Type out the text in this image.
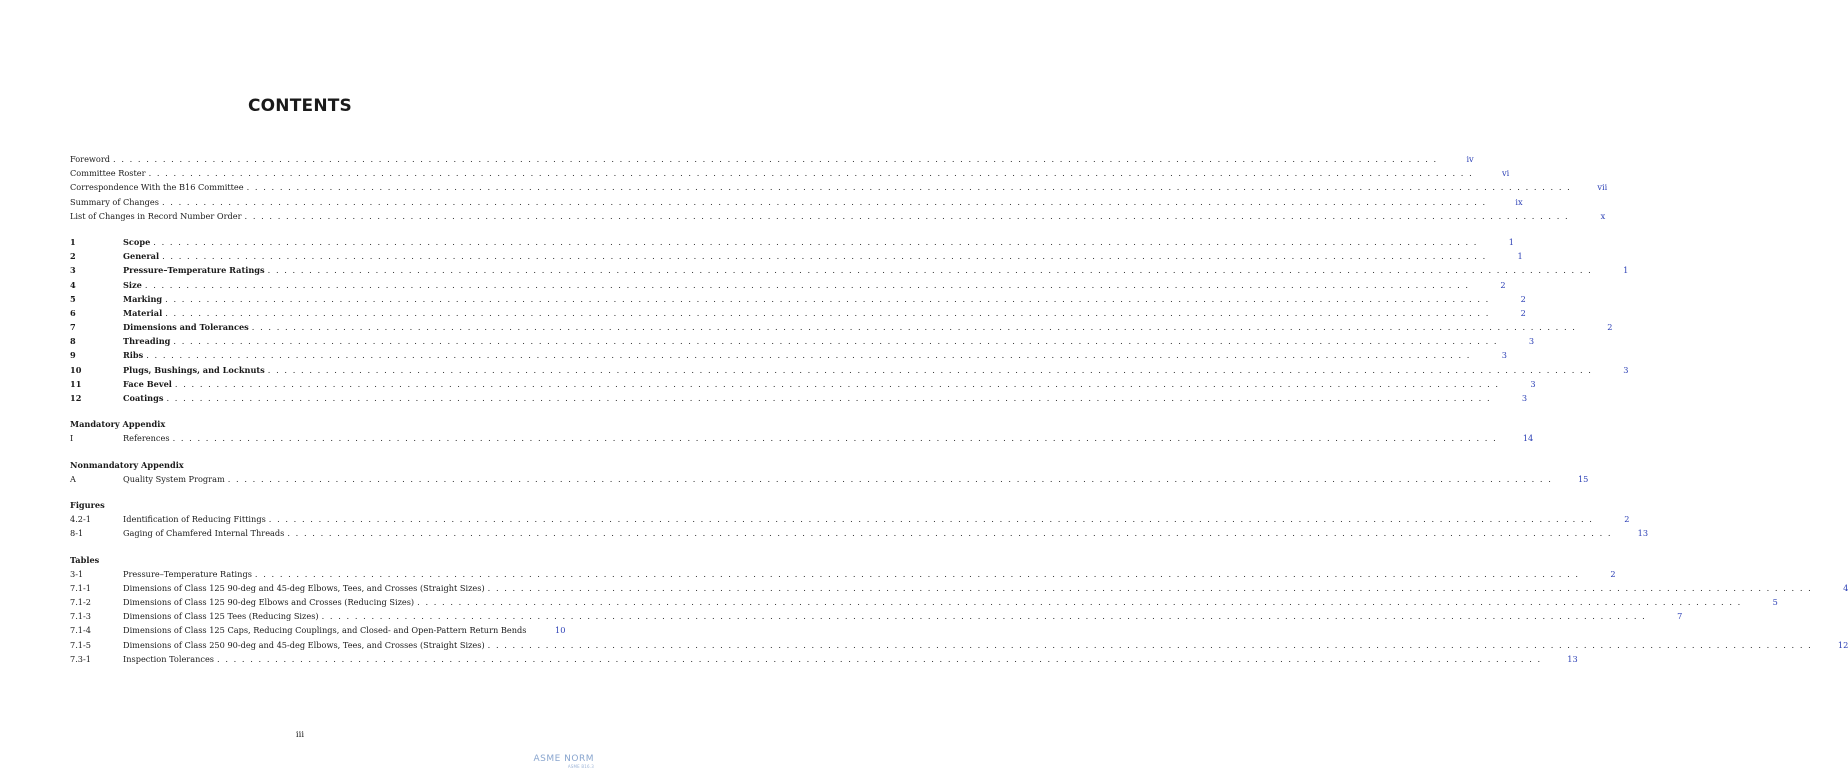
CONTENTS
Foreword . . . . . . . . . . . . . . . . . . . . . . . . . . . . . . . . . . . . . . . . . . . . . . . . . . . . . . . . . . . . . . . . . . . . . . . . . . . . . . . . . . . . . . . . . . . . . . . . . . . . . . . . . . . . . . . . . . . . . . . . . . . . . . . . . . . . . . . . . . . . . . . . . . . . . . . . . . . . . . . .	iv
Committee Roster . . . . . . . . . . . . . . . . . . . . . . . . . . . . . . . . . . . . . . . . . . . . . . . . . . . . . . . . . . . . . . . . . . . . . . . . . . . . . . . . . . . . . . . . . . . . . . . . . . . . . . . . . . . . . . . . . . . . . . . . . . . . . . . . . . . . . . . . . . . . . . . . . . . . . . . . . . . . . . . .	vi
Correspondence With the B16 Committee . . . . . . . . . . . . . . . . . . . . . . . . . . . . . . . . . . . . . . . . . . . . . . . . . . . . . . . . . . . . . . . . . . . . . . . . . . . . . . . . . . . . . . . . . . . . . . . . . . . . . . . . . . . . . . . . . . . . . . . . . . . . . . . . . . . . . . . . . . . . . . . . . . . . . . . . . . . . . . . .	vii
Summary of Changes . . . . . . . . . . . . . . . . . . . . . . . . . . . . . . . . . . . . . . . . . . . . . . . . . . . . . . . . . . . . . . . . . . . . . . . . . . . . . . . . . . . . . . . . . . . . . . . . . . . . . . . . . . . . . . . . . . . . . . . . . . . . . . . . . . . . . . . . . . . . . . . . . . . . . . . . . . . . . . . .	ix
List of Changes in Record Number Order . . . . . . . . . . . . . . . . . . . . . . . . . . . . . . . . . . . . . . . . . . . . . . . . . . . . . . . . . . . . . . . . . . . . . . . . . . . . . . . . . . . . . . . . . . . . . . . . . . . . . . . . . . . . . . . . . . . . . . . . . . . . . . . . . . . . . . . . . . . . . . . . . . . . . . . . . . . . . . . .	x
1	Scope . . . . . . . . . . . . . . . . . . . . . . . . . . . . . . . . . . . . . . . . . . . . . . . . . . . . . . . . . . . . . . . . . . . . . . . . . . . . . . . . . . . . . . . . . . . . . . . . . . . . . . . . . . . . . . . . . . . . . . . . . . . . . . . . . . . . . . . . . . . . . . . . . . . . . . . . . . . . . . . .	1
2	General . . . . . . . . . . . . . . . . . . . . . . . . . . . . . . . . . . . . . . . . . . . . . . . . . . . . . . . . . . . . . . . . . . . . . . . . . . . . . . . . . . . . . . . . . . . . . . . . . . . . . . . . . . . . . . . . . . . . . . . . . . . . . . . . . . . . . . . . . . . . . . . . . . . . . . . . . . . . . . . .	1
3	Pressure–Temperature Ratings . . . . . . . . . . . . . . . . . . . . . . . . . . . . . . . . . . . . . . . . . . . . . . . . . . . . . . . . . . . . . . . . . . . . . . . . . . . . . . . . . . . . . . . . . . . . . . . . . . . . . . . . . . . . . . . . . . . . . . . . . . . . . . . . . . . . . . . . . . . . . . . . . . . . . . . . . . . . . . . .	1
4	Size . . . . . . . . . . . . . . . . . . . . . . . . . . . . . . . . . . . . . . . . . . . . . . . . . . . . . . . . . . . . . . . . . . . . . . . . . . . . . . . . . . . . . . . . . . . . . . . . . . . . . . . . . . . . . . . . . . . . . . . . . . . . . . . . . . . . . . . . . . . . . . . . . . . . . . . . . . . . . . . .	2
5	Marking . . . . . . . . . . . . . . . . . . . . . . . . . . . . . . . . . . . . . . . . . . . . . . . . . . . . . . . . . . . . . . . . . . . . . . . . . . . . . . . . . . . . . . . . . . . . . . . . . . . . . . . . . . . . . . . . . . . . . . . . . . . . . . . . . . . . . . . . . . . . . . . . . . . . . . . . . . . . . . . .	2
6	Material . . . . . . . . . . . . . . . . . . . . . . . . . . . . . . . . . . . . . . . . . . . . . . . . . . . . . . . . . . . . . . . . . . . . . . . . . . . . . . . . . . . . . . . . . . . . . . . . . . . . . . . . . . . . . . . . . . . . . . . . . . . . . . . . . . . . . . . . . . . . . . . . . . . . . . . . . . . . . . . .	2
7	Dimensions and Tolerances . . . . . . . . . . . . . . . . . . . . . . . . . . . . . . . . . . . . . . . . . . . . . . . . . . . . . . . . . . . . . . . . . . . . . . . . . . . . . . . . . . . . . . . . . . . . . . . . . . . . . . . . . . . . . . . . . . . . . . . . . . . . . . . . . . . . . . . . . . . . . . . . . . . . . . . . . . . . . . . .	2
8	Threading . . . . . . . . . . . . . . . . . . . . . . . . . . . . . . . . . . . . . . . . . . . . . . . . . . . . . . . . . . . . . . . . . . . . . . . . . . . . . . . . . . . . . . . . . . . . . . . . . . . . . . . . . . . . . . . . . . . . . . . . . . . . . . . . . . . . . . . . . . . . . . . . . . . . . . . . . . . . . . . .	3
9	Ribs . . . . . . . . . . . . . . . . . . . . . . . . . . . . . . . . . . . . . . . . . . . . . . . . . . . . . . . . . . . . . . . . . . . . . . . . . . . . . . . . . . . . . . . . . . . . . . . . . . . . . . . . . . . . . . . . . . . . . . . . . . . . . . . . . . . . . . . . . . . . . . . . . . . . . . . . . . . . . . . .	3
10	Plugs, Bushings, and Locknuts . . . . . . . . . . . . . . . . . . . . . . . . . . . . . . . . . . . . . . . . . . . . . . . . . . . . . . . . . . . . . . . . . . . . . . . . . . . . . . . . . . . . . . . . . . . . . . . . . . . . . . . . . . . . . . . . . . . . . . . . . . . . . . . . . . . . . . . . . . . . . . . . . . . . . . . . . . . . . . . .	3
11	Face Bevel . . . . . . . . . . . . . . . . . . . . . . . . . . . . . . . . . . . . . . . . . . . . . . . . . . . . . . . . . . . . . . . . . . . . . . . . . . . . . . . . . . . . . . . . . . . . . . . . . . . . . . . . . . . . . . . . . . . . . . . . . . . . . . . . . . . . . . . . . . . . . . . . . . . . . . . . . . . . . . . .	3
12	Coatings . . . . . . . . . . . . . . . . . . . . . . . . . . . . . . . . . . . . . . . . . . . . . . . . . . . . . . . . . . . . . . . . . . . . . . . . . . . . . . . . . . . . . . . . . . . . . . . . . . . . . . . . . . . . . . . . . . . . . . . . . . . . . . . . . . . . . . . . . . . . . . . . . . . . . . . . . . . . . . . .	3
Mandatory Appendix
I	References . . . . . . . . . . . . . . . . . . . . . . . . . . . . . . . . . . . . . . . . . . . . . . . . . . . . . . . . . . . . . . . . . . . . . . . . . . . . . . . . . . . . . . . . . . . . . . . . . . . . . . . . . . . . . . . . . . . . . . . . . . . . . . . . . . . . . . . . . . . . . . . . . . . . . . . . . . . . . . . .	14
Nonmandatory Appendix
A	Quality System Program . . . . . . . . . . . . . . . . . . . . . . . . . . . . . . . . . . . . . . . . . . . . . . . . . . . . . . . . . . . . . . . . . . . . . . . . . . . . . . . . . . . . . . . . . . . . . . . . . . . . . . . . . . . . . . . . . . . . . . . . . . . . . . . . . . . . . . . . . . . . . . . . . . . . . . . . . . . . . . . .	15
Figures
4.2-1	Identification of Reducing Fittings . . . . . . . . . . . . . . . . . . . . . . . . . . . . . . . . . . . . . . . . . . . . . . . . . . . . . . . . . . . . . . . . . . . . . . . . . . . . . . . . . . . . . . . . . . . . . . . . . . . . . . . . . . . . . . . . . . . . . . . . . . . . . . . . . . . . . . . . . . . . . . . . . . . . . . . . . . . . . . . .	2
8-1	Gaging of Chamfered Internal Threads . . . . . . . . . . . . . . . . . . . . . . . . . . . . . . . . . . . . . . . . . . . . . . . . . . . . . . . . . . . . . . . . . . . . . . . . . . . . . . . . . . . . . . . . . . . . . . . . . . . . . . . . . . . . . . . . . . . . . . . . . . . . . . . . . . . . . . . . . . . . . . . . . . . . . . . . . . . . . . . .	13
Tables
3-1	Pressure–Temperature Ratings . . . . . . . . . . . . . . . . . . . . . . . . . . . . . . . . . . . . . . . . . . . . . . . . . . . . . . . . . . . . . . . . . . . . . . . . . . . . . . . . . . . . . . . . . . . . . . . . . . . . . . . . . . . . . . . . . . . . . . . . . . . . . . . . . . . . . . . . . . . . . . . . . . . . . . . . . . . . . . . .	2
7.1-1	Dimensions of Class 125 90-deg and 45-deg Elbows, Tees, and Crosses (Straight Sizes) . . . . . . . . . . . . . . . . . . . . . . . . . . . . . . . . . . . . . . . . . . . . . . . . . . . . . . . . . . . . . . . . . . . . . . . . . . . . . . . . . . . . . . . . . . . . . . . . . . . . . . . . . . . . . . . . . . . . . . . . . . . . . . . . . . . . . . . . . . . . . . . . . . . . . . . . . . . . . . . .	4
7.1-2	Dimensions of Class 125 90-deg Elbows and Crosses (Reducing Sizes) . . . . . . . . . . . . . . . . . . . . . . . . . . . . . . . . . . . . . . . . . . . . . . . . . . . . . . . . . . . . . . . . . . . . . . . . . . . . . . . . . . . . . . . . . . . . . . . . . . . . . . . . . . . . . . . . . . . . . . . . . . . . . . . . . . . . . . . . . . . . . . . . . . . . . . . . . . . . . . . .	5
7.1-3	Dimensions of Class 125 Tees (Reducing Sizes) . . . . . . . . . . . . . . . . . . . . . . . . . . . . . . . . . . . . . . . . . . . . . . . . . . . . . . . . . . . . . . . . . . . . . . . . . . . . . . . . . . . . . . . . . . . . . . . . . . . . . . . . . . . . . . . . . . . . . . . . . . . . . . . . . . . . . . . . . . . . . . . . . . . . . . . . . . . . . . . .	7
7.1-4	Dimensions of Class 125 Caps, Reducing Couplings, and Closed- and Open-Pattern Return Bends	10
7.1-5	Dimensions of Class 250 90-deg and 45-deg Elbows, Tees, and Crosses (Straight Sizes) . . . . . . . . . . . . . . . . . . . . . . . . . . . . . . . . . . . . . . . . . . . . . . . . . . . . . . . . . . . . . . . . . . . . . . . . . . . . . . . . . . . . . . . . . . . . . . . . . . . . . . . . . . . . . . . . . . . . . . . . . . . . . . . . . . . . . . . . . . . . . . . . . . . . . . . . . . . . . . . .	12
7.3-1	Inspection Tolerances . . . . . . . . . . . . . . . . . . . . . . . . . . . . . . . . . . . . . . . . . . . . . . . . . . . . . . . . . . . . . . . . . . . . . . . . . . . . . . . . . . . . . . . . . . . . . . . . . . . . . . . . . . . . . . . . . . . . . . . . . . . . . . . . . . . . . . . . . . . . . . . . . . . . . . . . . . . . . . . .	13
iii
ASME NORM
ASME B16.3
